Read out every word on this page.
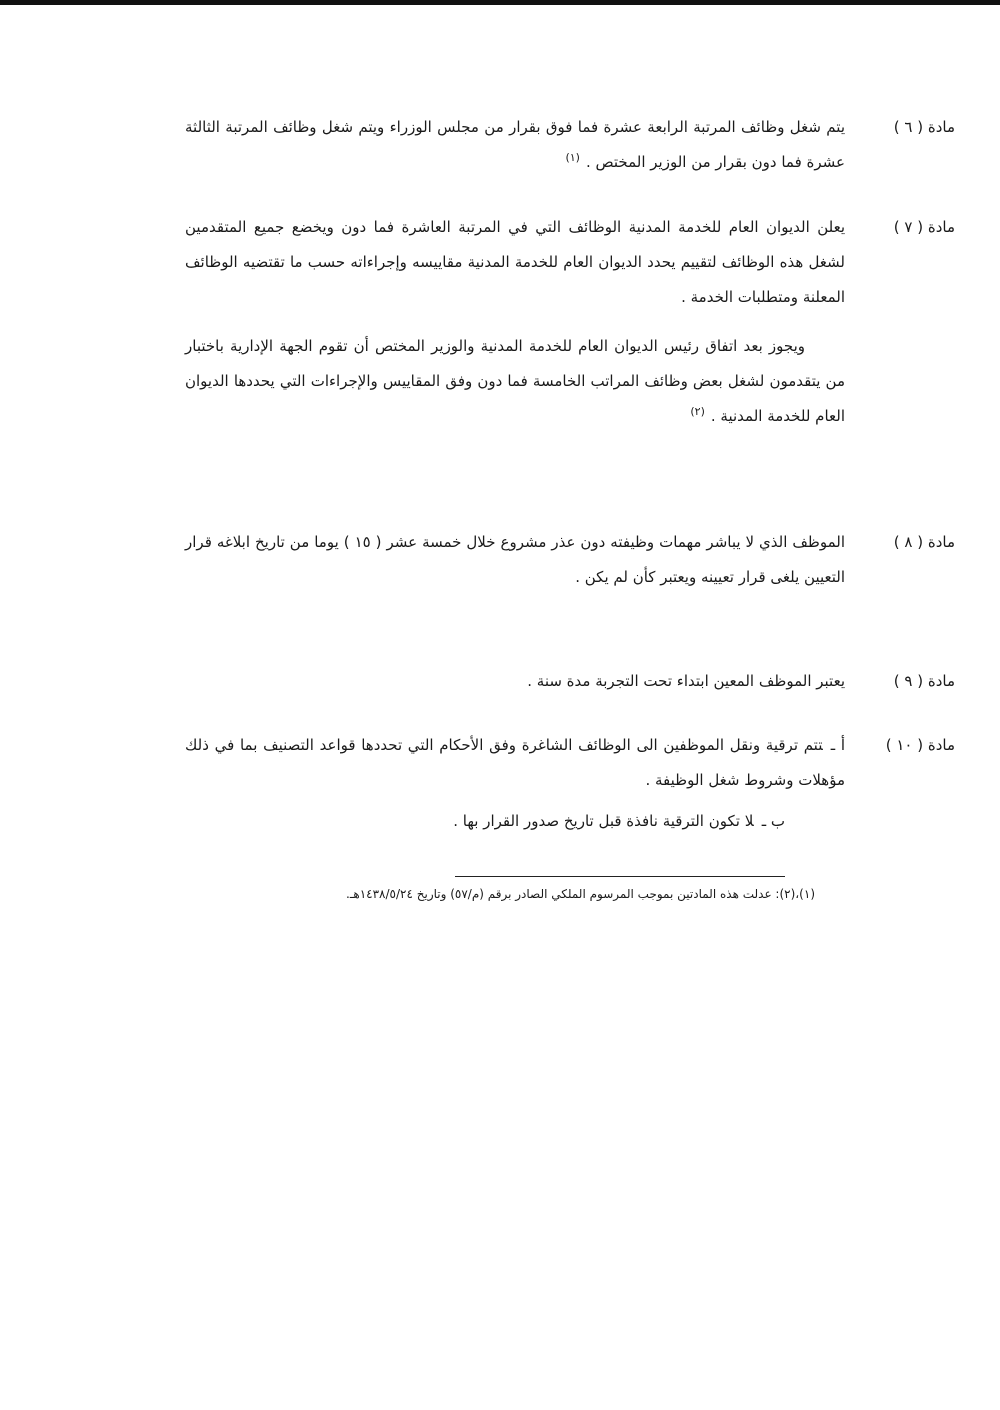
مادة ( ٦ )

يتم شغل وظائف المرتبة الرابعة عشرة فما فوق بقرار من مجلس الوزراء ويتم شغل وظائف المرتبة الثالثة عشرة فما دون بقرار من الوزير المختص .$^{(١)}$

مادة ( ٧ )

يعلن الديوان العام للخدمة المدنية الوظائف التي في المرتبة العاشرة فما دون ويخضع جميع المتقدمين لشغل هذه الوظائف لتقييم يحدد الديوان العام للخدمة المدنية مقاييسه وإجراءاته حسب ما تقتضيه الوظائف المعلنة ومتطلبات الخدمة .

ويجوز بعد اتفاق رئيس الديوان العام للخدمة المدنية والوزير المختص أن تقوم الجهة الإدارية باختبار من يتقدمون لشغل بعض وظائف المراتب الخامسة فما دون وفق المقاييس والإجراءات التي يحددها الديوان العام للخدمة المدنية .$^{(٢)}$

مادة ( ٨ )

الموظف الذي لا يباشر مهمات وظيفته دون عذر مشروع خلال خمسة عشر ( ١٥ ) يوما من تاريخ ابلاغه قرار التعيين يلغى قرار تعيينه ويعتبر كأن لم يكن .

مادة ( ٩ )

يعتبر الموظف المعين ابتداء تحت التجربة مدة سنة .

مادة ( ١٠ )

أ ـتتم ترقية ونقل الموظفين الى الوظائف الشاغرة وفق الأحكام التي تحددها قواعد التصنيف بما في ذلك مؤهلات وشروط شغل الوظيفة .

ب ـلا تكون الترقية نافذة قبل تاريخ صدور القرار بها .

(١)،(٢): عدلت هذه المادتين بموجب المرسوم الملكي الصادر برقم (م/٥٧) وتاريخ ١٤٣٨/٥/٢٤هـ.
